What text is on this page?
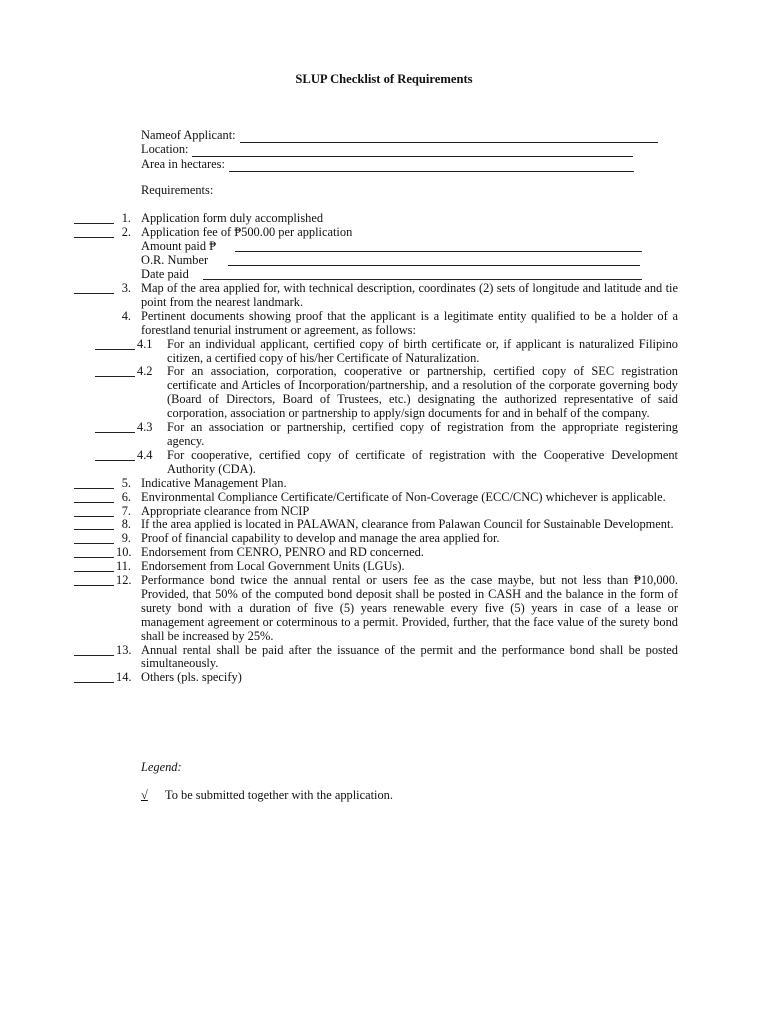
SLUP Checklist of Requirements
Nameof Applicant:
Location:
Area in hectares:
Requirements:
1. Application form duly accomplished
2. Application fee of ₱500.00 per application
Amount paid ₱
O.R. Number
Date paid
3. Map of the area applied for, with technical description, coordinates (2) sets of longitude and latitude and tie point from the nearest landmark.
4. Pertinent documents showing proof that the applicant is a legitimate entity qualified to be a holder of a forestland tenurial instrument or agreement, as follows:
4.1	For an individual applicant, certified copy of birth certificate or, if applicant is naturalized Filipino citizen, a certified copy of his/her Certificate of Naturalization.
4.2	For an association, corporation, cooperative or partnership, certified copy of SEC registration certificate and Articles of Incorporation/partnership, and a resolution of the corporate governing body (Board of Directors, Board of Trustees, etc.) designating the authorized representative of said corporation, association or partnership to apply/sign documents for and in behalf of the company.
4.3	For an association or partnership, certified copy of registration from the appropriate registering agency.
4.4	For cooperative, certified copy of certificate of registration with the Cooperative Development Authority (CDA).
5. Indicative Management Plan.
6. Environmental Compliance Certificate/Certificate of Non-Coverage (ECC/CNC) whichever is applicable.
7. Appropriate clearance from NCIP
8. If the area applied is located in PALAWAN, clearance from Palawan Council for Sustainable Development.
9. Proof of financial capability to develop and manage the area applied for.
10. Endorsement from CENRO, PENRO and RD concerned.
11. Endorsement from Local Government Units (LGUs).
12. Performance bond twice the annual rental or users fee as the case maybe, but not less than ₱10,000. Provided, that 50% of the computed bond deposit shall be posted in CASH and the balance in the form of surety bond with a duration of five (5) years renewable every five (5) years in case of a lease or management agreement or coterminous to a permit. Provided, further, that the face value of the surety bond shall be increased by 25%.
13. Annual rental shall be paid after the issuance of the permit and the performance bond shall be posted simultaneously.
14. Others (pls. specify)
Legend:
√	To be submitted together with the application.
